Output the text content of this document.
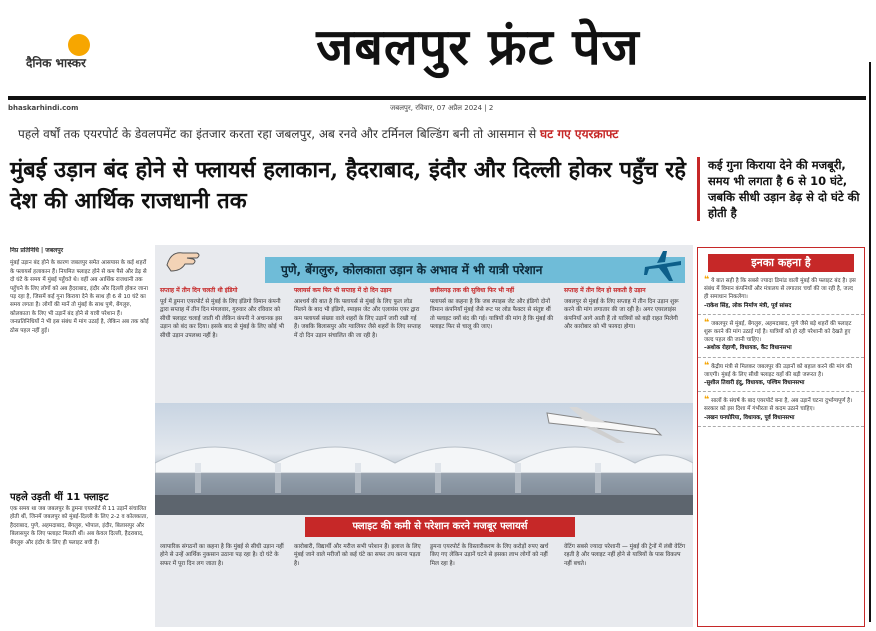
दैनिक भास्कर	जबलपुर फ्रंट पेज
bhaskarhindi.com	जबलपुर, रविवार, 07 अप्रैल 2024 | 2
पहले वर्षों तक एयरपोर्ट के डेवलपमेंट का इंतजार करता रहा जबलपुर, अब रनवे और टर्मिनल बिल्डिंग बनी तो आसमान से घट गए एयरक्राफ्ट
मुंबई उड़ान बंद होने से फ्लायर्स हलाकान, हैदराबाद, इंदौर और दिल्ली होकर पहुँच रहे देश की आर्थिक राजधानी तक
कई गुना किराया देने की मजबूरी, समय भी लगता है 6 से 10 घंटे, जबकि सीधी उड़ान डेढ़ से दो घंटे की होती है
निप्र प्रतिनिधि | जबलपुर
मुंबई उड़ान बंद होने के कारण जबलपुर समेत आसपास के कई शहरों के फ्लायर्स हलाकान हैं। नियमित फ्लाइट होने से कम पैसे और डेढ़ से दो घंटे के समय में मुंबई पहुँचते थे। वहीं अब आर्थिक राजधानी तक पहुँचने के लिए लोगों को अब हैदराबाद, इंदौर और दिल्ली होकर जाना पड़ रहा है, जिसमें कई गुना किराया देने के साथ ही 6 से 10 घंटे का समय लगता है। लोगों की मानें तो मुंबई के साथ पुणे, बेंगलुरु, कोलकाता के लिए भी उड़ानें बंद होने से यात्री परेशान हैं। जनप्रतिनिधियों ने भी इस संबंध में मांग उठाई है, लेकिन अब तक कोई ठोस पहल नहीं हुई।
पहले उड़ती थीं 11 फ्लाइट
एक समय था जब जबलपुर के डुमना एयरपोर्ट से 11 उड़ानें संचालित होती थीं, जिनमें जबलपुर को मुंबई-दिल्ली के लिए 2-2 व कोलकाता, हैदराबाद, पुणे, अहमदाबाद, बेंगलुरु, भोपाल, इंदौर, बिलासपुर और बिलासपुर के लिए फ्लाइट मिलती थीं। अब केवल दिल्ली, हैदराबाद, बेंगलुरु और इंदौर के लिए ही फ्लाइट बची हैं।
पुणे, बेंगलुरु, कोलकाता उड़ान के अभाव में भी यात्री परेशान
सप्ताह में तीन दिन चलती थी इंडिगो
पूर्व में डुमना एयरपोर्ट से मुंबई के लिए इंडिगो विमान कंपनी द्वारा सप्ताह में तीन दिन मंगलवार, गुरुवार और रविवार को सीधी फ्लाइट चलाई जाती थी लेकिन कंपनी ने अचानक इस उड़ान को बंद कर दिया। इसके बाद से मुंबई के लिए कोई भी सीधी उड़ान उपलब्ध नहीं है।
फ्लायर्स कम फिर भी सप्ताह में दो दिन उड़ान
आश्चर्य की बात है कि फ्लायर्स से मुंबई के लिए फुल लोड मिलने के बाद भी इंडिगो, स्पाइस जेट और एलायंस एयर द्वारा कम फ्लायर्स संख्या वाले शहरों के लिए उड़ानें जारी रखी गई हैं। जबकि बिलासपुर और ग्वालियर जैसे शहरों के लिए सप्ताह में दो दिन उड़ान संचालित की जा रही है।
छत्तीसगढ़ तक की सुविधा फिर भी नहीं
फ्लायर्स का कहना है कि जब स्पाइस जेट और इंडिगो दोनों विमान कंपनियाँ मुंबई जैसे रूट पर लोड फैक्टर से संतुष्ट थीं तो फ्लाइट क्यों बंद की गई। यात्रियों की मांग है कि मुंबई की फ्लाइट फिर से चालू की जाए।
सप्ताह में तीन दिन हो सकती है उड़ान
जबलपुर से मुंबई के लिए सप्ताह में तीन दिन उड़ान शुरू करने की मांग लगातार की जा रही है। अगर एयरलाइंस कंपनियाँ आगे आती हैं तो यात्रियों को बड़ी राहत मिलेगी और कारोबार को भी फायदा होगा।
फ्लाइट की कमी से परेशान करने मजबूर फ्लायर्स
व्यापारिक संगठनों का कहना है कि मुंबई से सीधी उड़ान नहीं होने से उन्हें आर्थिक नुकसान उठाना पड़ रहा है। दो घंटे के सफर में पूरा दिन लग जाता है।
कारोबारी, विद्यार्थी और मरीज सभी परेशान हैं। इलाज के लिए मुंबई जाने वाले मरीजों को कई घंटे का सफर तय करना पड़ता है।
डुमना एयरपोर्ट के विस्तारीकरण के लिए करोड़ों रुपए खर्च किए गए लेकिन उड़ानें घटने से इसका लाभ लोगों को नहीं मिल रहा है।
वेटिंग सबसे ज्यादा परेशानी — मुंबई की ट्रेनों में लंबी वेटिंग रहती है और फ्लाइट नहीं होने से यात्रियों के पास विकल्प नहीं बचते।
इनका कहना है
❝ ये बात सही है कि सबसे ज्यादा डिमांड वाली मुंबई की फ्लाइट बंद है। इस संबंध में विमान कंपनियों और मंत्रालय से लगातार चर्चा की जा रही है, जल्द ही समाधान निकलेगा।
-राकेश सिंह, लोक निर्माण मंत्री, पूर्व सांसद
❝ जबलपुर से मुंबई, बेंगलुरु, अहमदाबाद, पुणे जैसे बड़े शहरों की फ्लाइट शुरू करने की मांग उठाई गई है। यात्रियों को हो रही परेशानी को देखते हुए जल्द पहल की जानी चाहिए।
-अशोक रोहाणी, विधायक, कैंट विधानसभा
❝ केंद्रीय मंत्री से मिलकर जबलपुर की उड़ानों को बहाल करने की मांग की जाएगी। मुंबई के लिए सीधी फ्लाइट यहाँ की बड़ी जरूरत है।
-सुशील तिवारी इंदु, विधायक, पश्चिम विधानसभा
❝ सालों के संघर्ष के बाद एयरपोर्ट बना है, अब उड़ानें घटना दुर्भाग्यपूर्ण है। सरकार को इस दिशा में गंभीरता से कदम उठाने चाहिए।
-लखन घनघोरिया, विधायक, पूर्व विधानसभा
